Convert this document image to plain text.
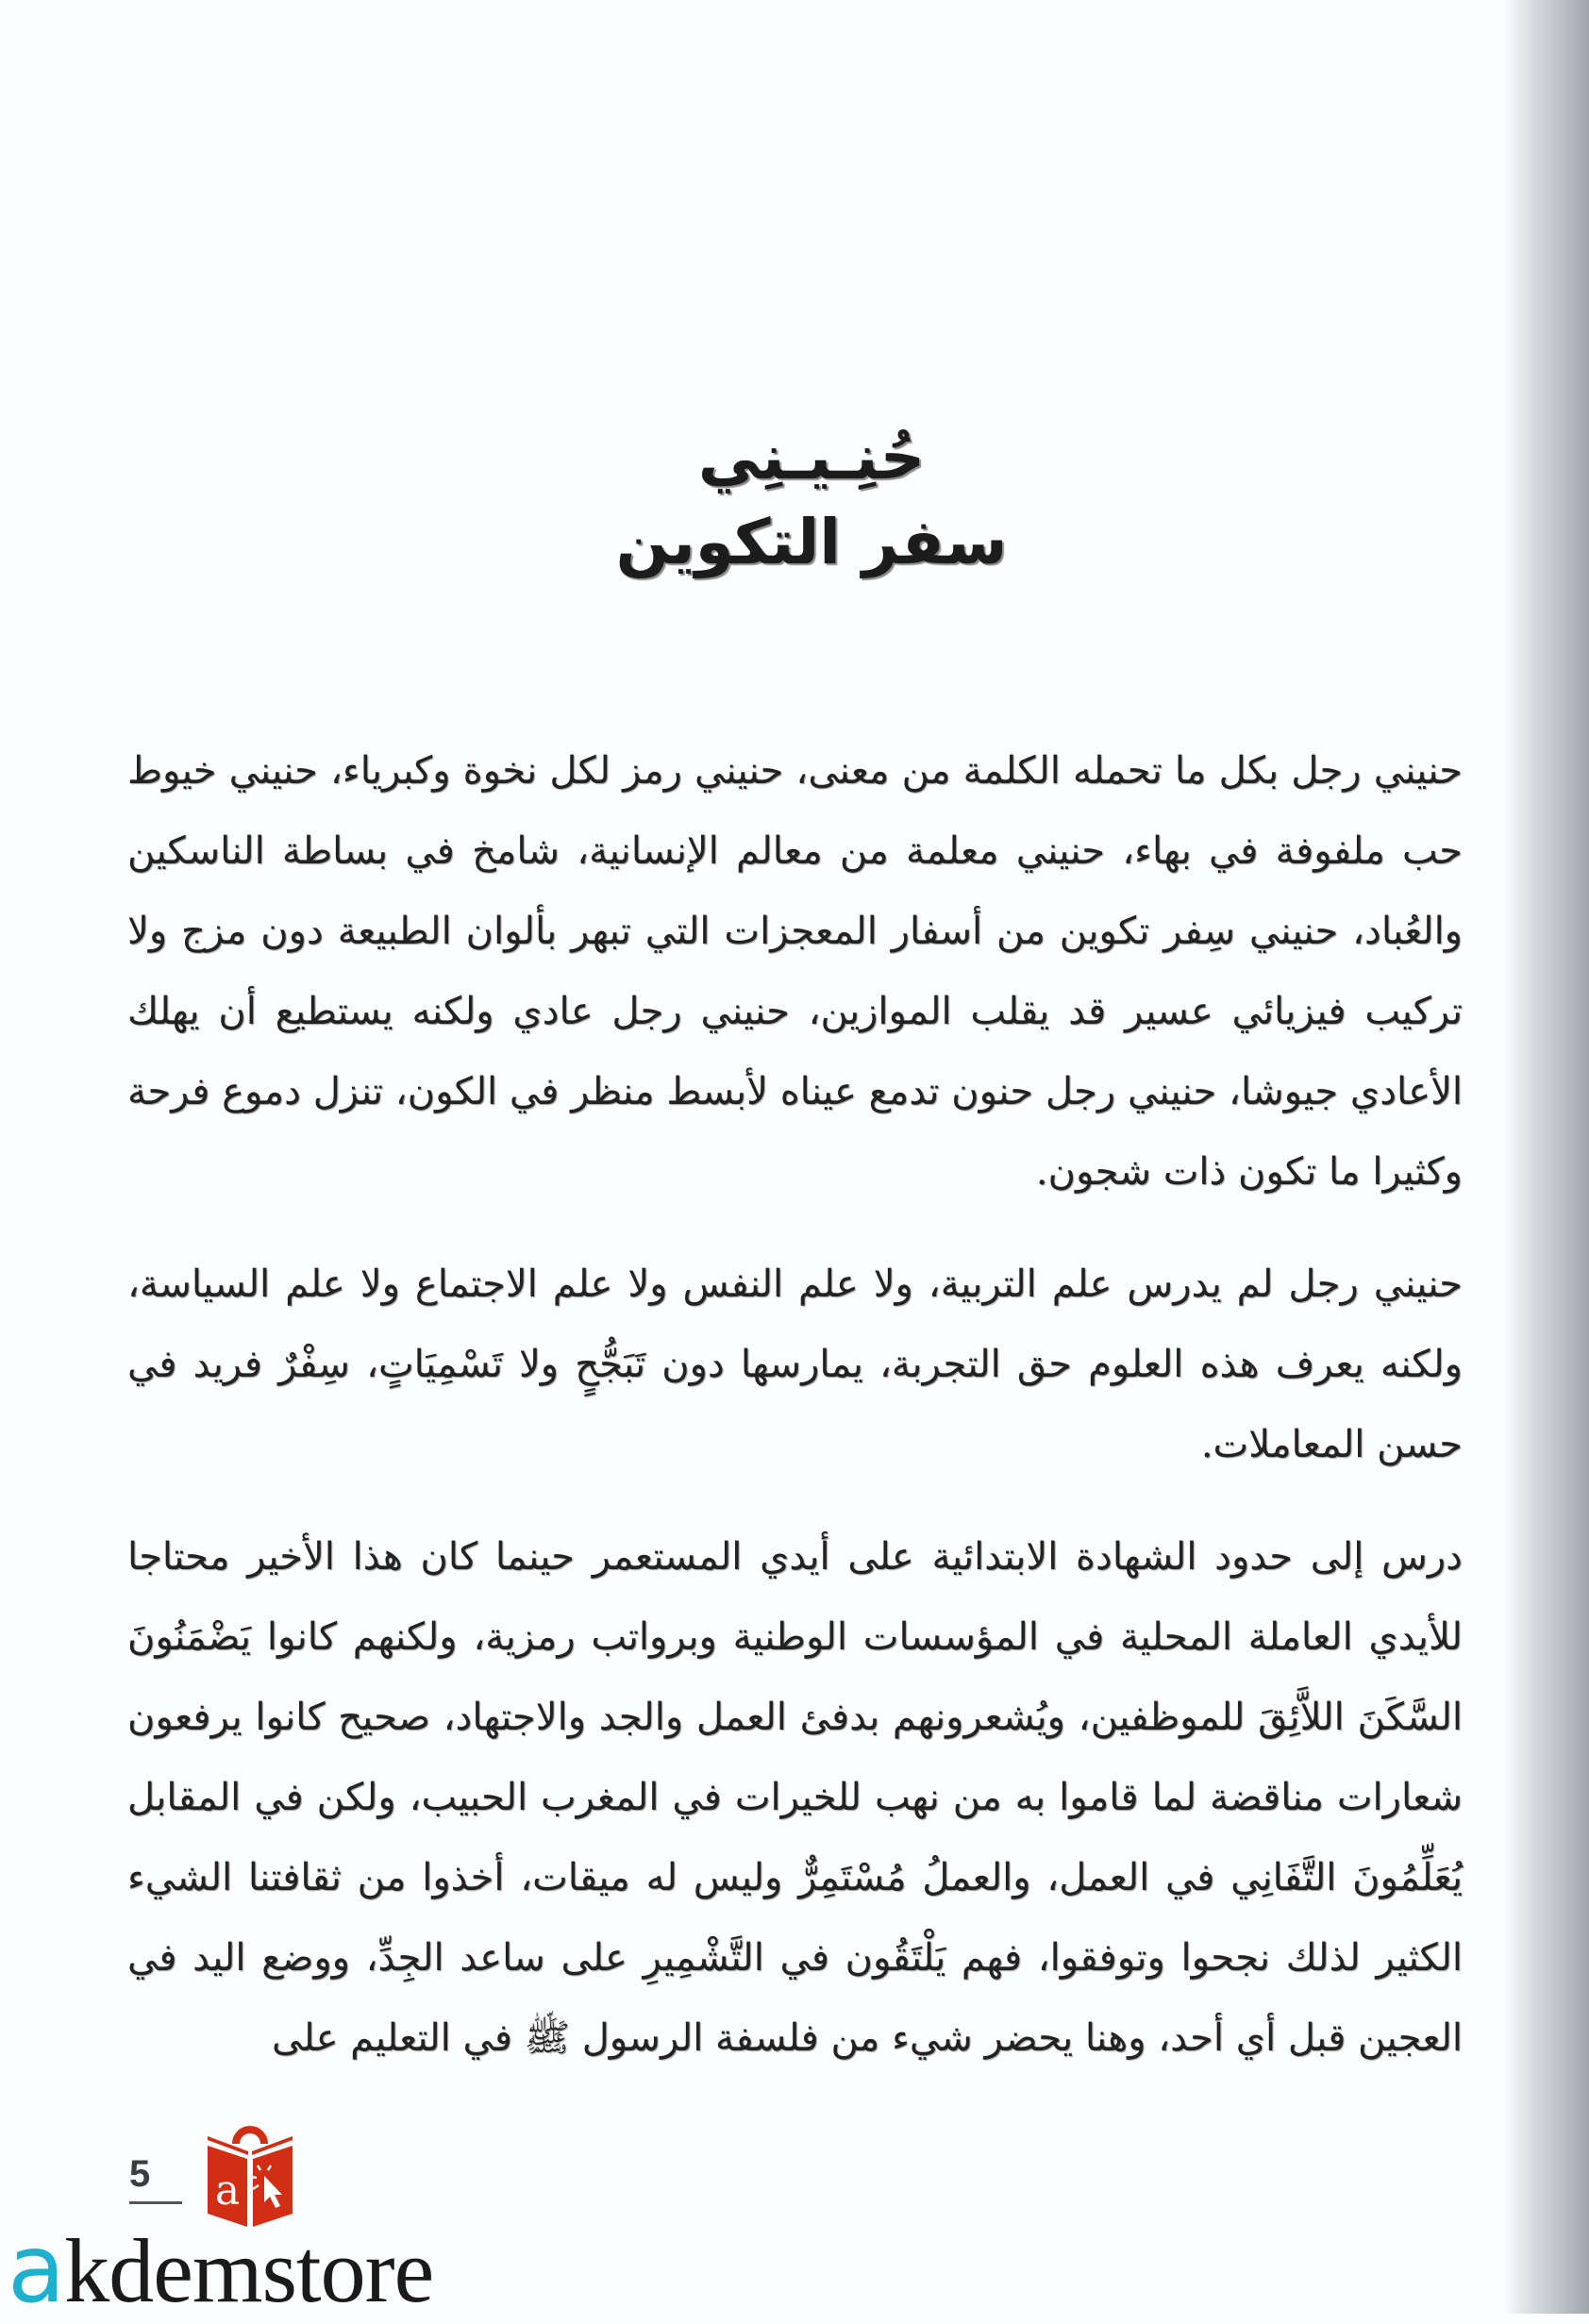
حُنِـيـنِي
سفر التكوين

حنيني رجل بكل ما تحمله الكلمة من معنى، حنيني رمز لكل نخوة وكبرياء، حنيني خيوط حب ملفوفة في بهاء، حنيني معلمة من معالم الإنسانية، شامخ في بساطة الناسكين والعُباد، حنيني سِفر تكوين من أسفار المعجزات التي تبهر بألوان الطبيعة دون مزج ولا تركيب فيزيائي عسير قد يقلب الموازين، حنيني رجل عادي ولكنه يستطيع أن يهلك الأعادي جيوشا، حنيني رجل حنون تدمع عيناه لأبسط منظر في الكون، تنزل دموع فرحة وكثيرا ما تكون ذات شجون.

حنيني رجل لم يدرس علم التربية، ولا علم النفس ولا علم الاجتماع ولا علم السياسة، ولكنه يعرف هذه العلوم حق التجربة، يمارسها دون تَبَجُّحٍ ولا تَسْمِيَاتٍ، سِفْرٌ فريد في حسن المعاملات.

درس إلى حدود الشهادة الابتدائية على أيدي المستعمر حينما كان هذا الأخير محتاجا للأيدي العاملة المحلية في المؤسسات الوطنية وبرواتب رمزية، ولكنهم كانوا يَضْمَنُونَ السَّكَنَ اللاَّئِقَ للموظفين، ويُشعرونهم بدفئ العمل والجد والاجتهاد، صحيح كانوا يرفعون شعارات مناقضة لما قاموا به من نهب للخيرات في المغرب الحبيب، ولكن في المقابل يُعَلِّمُونَ التَّفَانِي في العمل، والعملُ مُسْتَمِرٌّ وليس له ميقات، أخذوا من ثقافتنا الشيء الكثير لذلك نجحوا وتوفقوا، فهم يَلْتَقُون في التَّشْمِيرِ على ساعد الجِدِّ، ووضع اليد في العجين قبل أي أحد، وهنا يحضر شيء من فلسفة الرسول ﷺ في التعليم على

5 a
akdemstore
